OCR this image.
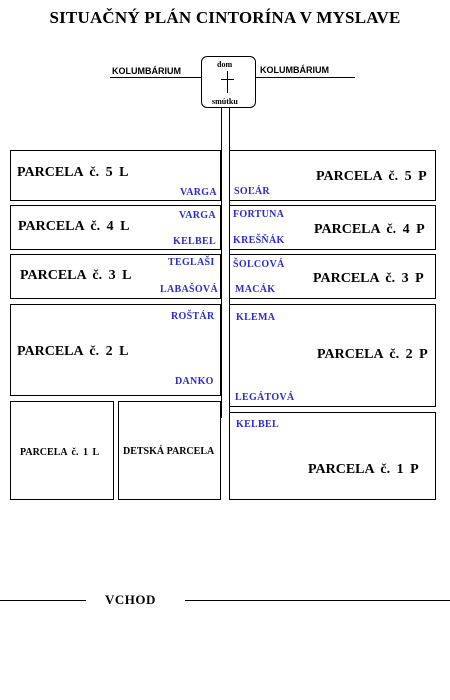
SITUAČNÝ PLÁN CINTORÍNA V MYSLAVE
KOLUMBÁRIUM	KOLUMBÁRIUM
dom
smútku
PARCELA č. 5 L
VARGA
PARCELA č. 4 L
VARGA
KELBEL
PARCELA č. 3 L
TEGLAŠI
LABAŠOVÁ
PARCELA č. 2 L
ROŠTÁR
DANKO
PARCELA č. 1 L DETSKÁ PARCELA
PARCELA č. 5 P
SOĽÁR
PARCELA č. 4 P
FORTUNA
KREŠŇÁK
PARCELA č. 3 P
ŠOLCOVÁ
MACÁK
PARCELA č. 2 P
KLEMA
LEGÁTOVÁ
PARCELA č. 1 P
KELBEL
VCHOD
